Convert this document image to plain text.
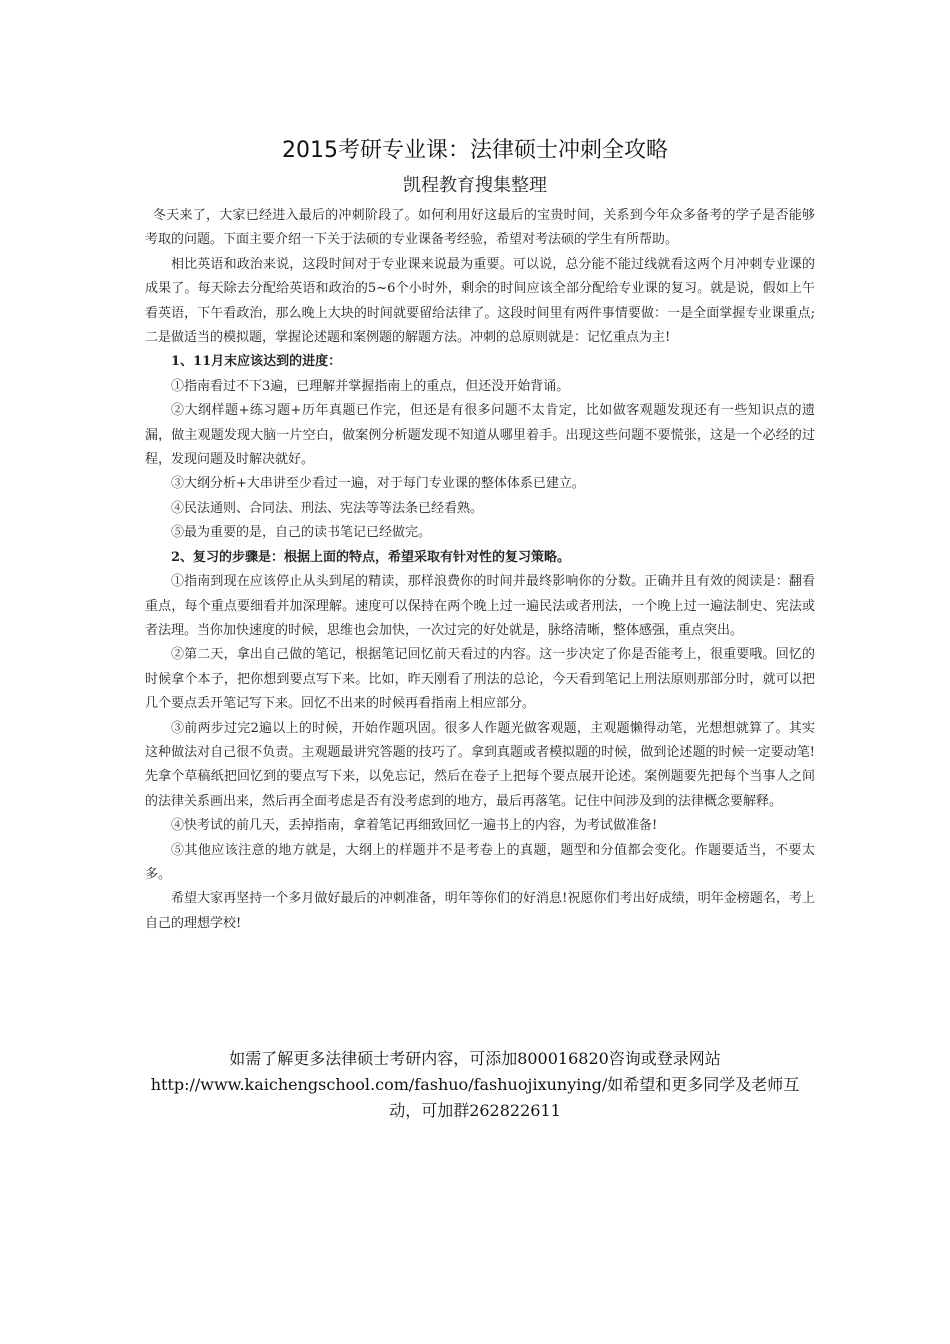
2015考研专业课：法律硕士冲刺全攻略
凯程教育搜集整理

冬天来了，大家已经进入最后的冲刺阶段了。如何利用好这最后的宝贵时间，关系到今年众多备考的学子是否能够考取的问题。下面主要介绍一下关于法硕的专业课备考经验，希望对考法硕的学生有所帮助。

相比英语和政治来说，这段时间对于专业课来说最为重要。可以说，总分能不能过线就看这两个月冲刺专业课的成果了。每天除去分配给英语和政治的5~6个小时外，剩余的时间应该全部分配给专业课的复习。就是说，假如上午看英语，下午看政治，那么晚上大块的时间就要留给法律了。这段时间里有两件事情要做：一是全面掌握专业课重点;二是做适当的模拟题，掌握论述题和案例题的解题方法。冲刺的总原则就是：记忆重点为主!

1、11月末应该达到的进度：

①指南看过不下3遍，已理解并掌握指南上的重点，但还没开始背诵。

②大纲样题+练习题+历年真题已作完，但还是有很多问题不太肯定，比如做客观题发现还有一些知识点的遗漏，做主观题发现大脑一片空白，做案例分析题发现不知道从哪里着手。出现这些问题不要慌张，这是一个必经的过程，发现问题及时解决就好。

③大纲分析+大串讲至少看过一遍，对于每门专业课的整体体系已建立。

④民法通则、合同法、刑法、宪法等等法条已经看熟。

⑤最为重要的是，自己的读书笔记已经做完。

2、复习的步骤是：根据上面的特点，希望采取有针对性的复习策略。

①指南到现在应该停止从头到尾的精读，那样浪费你的时间并最终影响你的分数。正确并且有效的阅读是：翻看重点，每个重点要细看并加深理解。速度可以保持在两个晚上过一遍民法或者刑法，一个晚上过一遍法制史、宪法或者法理。当你加快速度的时候，思维也会加快，一次过完的好处就是，脉络清晰，整体感强，重点突出。

②第二天，拿出自己做的笔记，根据笔记回忆前天看过的内容。这一步决定了你是否能考上，很重要哦。回忆的时候拿个本子，把你想到要点写下来。比如，昨天刚看了刑法的总论，今天看到笔记上刑法原则那部分时，就可以把几个要点丢开笔记写下来。回忆不出来的时候再看指南上相应部分。

③前两步过完2遍以上的时候，开始作题巩固。很多人作题光做客观题，主观题懒得动笔，光想想就算了。其实这种做法对自己很不负责。主观题最讲究答题的技巧了。拿到真题或者模拟题的时候，做到论述题的时候一定要动笔!先拿个草稿纸把回忆到的要点写下来，以免忘记，然后在卷子上把每个要点展开论述。案例题要先把每个当事人之间的法律关系画出来，然后再全面考虑是否有没考虑到的地方，最后再落笔。记住中间涉及到的法律概念要解释。

④快考试的前几天，丢掉指南，拿着笔记再细致回忆一遍书上的内容，为考试做准备!

⑤其他应该注意的地方就是，大纲上的样题并不是考卷上的真题，题型和分值都会变化。作题要适当，不要太多。

希望大家再坚持一个多月做好最后的冲刺准备，明年等你们的好消息!祝愿你们考出好成绩，明年金榜题名，考上自己的理想学校!

如需了解更多法律硕士考研内容，可添加800016820咨询或登录网站http://www.kaichengschool.com/fashuo/fashuojixunying/如希望和更多同学及老师互动，可加群262822611
